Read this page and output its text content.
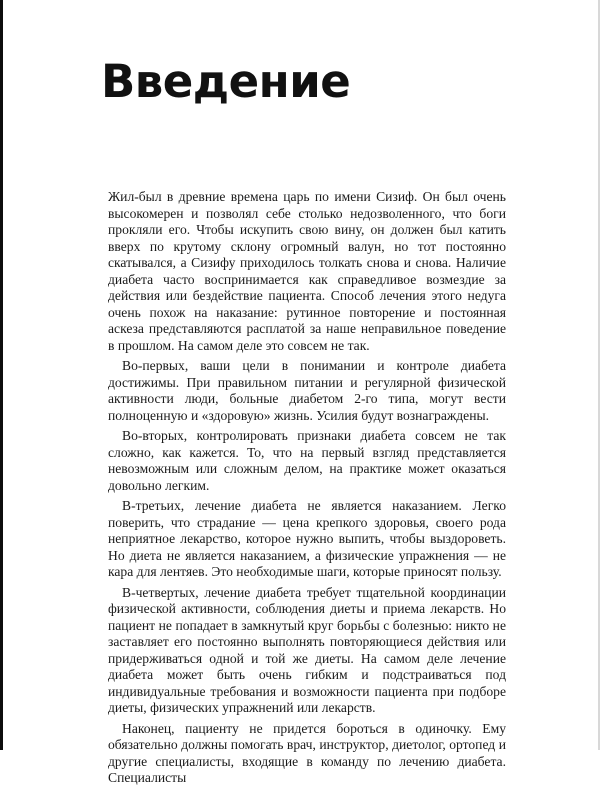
Введение

Жил-был в древние времена царь по имени Сизиф. Он был очень высокомерен и позволял себе столько недозволенного, что боги прокляли его. Чтобы искупить свою вину, он должен был катить вверх по крутому склону огромный валун, но тот постоянно скатывался, а Сизифу приходилось толкать снова и снова. Наличие диабета часто воспринимается как справедливое возмездие за действия или бездействие пациента. Способ лечения этого недуга очень похож на наказание: рутинное повторение и постоянная аскеза представляются расплатой за наше неправильное поведение в прошлом. На самом деле это совсем не так.

Во-первых, ваши цели в понимании и контроле диабета достижимы. При правильном питании и регулярной физической активности люди, больные диабетом 2-го типа, могут вести полноценную и «здоровую» жизнь. Усилия будут вознаграждены.

Во-вторых, контролировать признаки диабета совсем не так сложно, как кажется. То, что на первый взгляд представляется невозможным или сложным делом, на практике может оказаться довольно легким.

В-третьих, лечение диабета не является наказанием. Легко поверить, что страдание — цена крепкого здоровья, своего рода неприятное лекарство, которое нужно выпить, чтобы выздороветь. Но диета не является наказанием, а физические упражнения — не кара для лентяев. Это необходимые шаги, которые приносят пользу.

В-четвертых, лечение диабета требует тщательной координации физической активности, соблюдения диеты и приема лекарств. Но пациент не попадает в замкнутый круг борьбы с болезнью: никто не заставляет его постоянно выполнять повторяющиеся действия или придерживаться одной и той же диеты. На самом деле лечение диабета может быть очень гибким и подстраиваться под индивидуальные требования и возможности пациента при подборе диеты, физических упражнений или лекарств.

Наконец, пациенту не придется бороться в одиночку. Ему обязательно должны помогать врач, инструктор, диетолог, ортопед и другие специалисты, входящие в команду по лечению диабета. Специалисты
